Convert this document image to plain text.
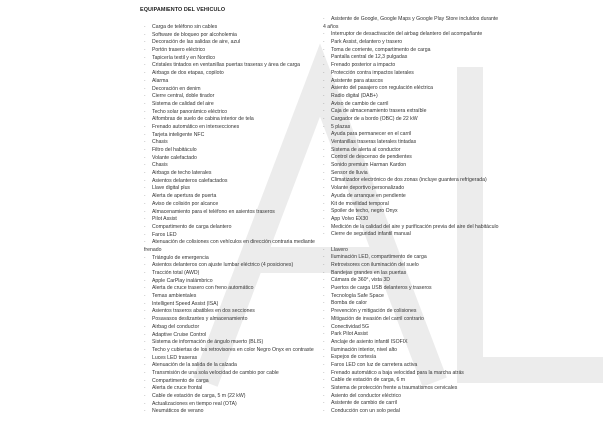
EQUIPAMIENTO DEL VEHICULO
· Carga de teléfono sin cables
· Software de bloqueo por alcoholemia
· Decoración de las salidas de aire, azul
· Portón trasero eléctrico
· Tapicería textil y en Nordico
· Cristales tintados en ventanillas puertas traseras y área de carga
· Airbags de dos etapas, copiloto
· Alarma
· Decoración en denim
· Cierre central, doble tirador
· Sistema de calidad del aire
· Techo solar panorámico eléctrico
· Alfombras de suelo de cabina interior de tela
· Frenado automático en intersecciones
· Tarjeta inteligente NFC
· Chasis
· Filtro del habitáculo
· Volante calefactado
· Chasis
· Airbags de techo laterales
· Asientos delanteros calefactados
· Llave digital plus
· Alerta de apertura de puerta
· Aviso de colisión por alcance
· Almacenamiento para el teléfono en asientos traseros
· Pilot Assist
· Compartimento de carga delantero
· Faros LED
· Atenuación de colisiones con vehículos en dirección contraria mediante
frenado
· Triángulo de emergencia
· Asientos delanteros con ajuste lumbar eléctrico (4 posiciones)
· Tracción total (AWD)
· Apple CarPlay inalámbrico
· Alerta de cruce trasero con freno automático
· Temas ambientales
· Intelligent Speed Assist (ISA)
· Asientos traseros abatibles en dos secciones
· Posavasos deslizantes y almacenamiento
· Airbag del conductor
· Adaptive Cruise Control
· Sistema de información de ángulo muerto (BLIS)
· Techo y cubiertas de los retrovisores en color Negro Onyx en contraste
· Luces LED traseras
· Atenuación de la salida de la calzada
· Transmisión de una sola velocidad de cambio por cable
· Compartimento de carga
· Alerta de cruce frontal
· Cable de estación de carga, 5 m (22 kW)
· Actualizaciones en tiempo real (OTA)
· Neumáticos de verano
· Asistente de Google, Google Maps y Google Play Store incluidos durante
4 años
· Interruptor de desactivación del airbag delantero del acompañante
· Park Assist, delantero y trasero
· Toma de corriente, compartimento de carga
· Pantalla central de 12,3 pulgadas
· Frenado posterior a impacto
· Protección contra impactos laterales
· Asistente para atascos
· Asiento del pasajero con regulación eléctrica
· Radio digital (DAB+)
· Aviso de cambio de carril
· Caja de almacenamiento trasera extraíble
· Cargador de a bordo (OBC) de 22 kW
· 5 plazas
· Ayuda para permanecer en el carril
· Ventanillas traseras laterales tintadas
· Sistema de alerta al conductor
· Control de descenso de pendientes
· Sonido premium Harman Kardon
· Sensor de lluvia
· Climatizador electrónico de dos zonas (incluye guantera refrigerada)
· Volante deportivo personalizado
· Ayuda de arranque en pendiente
· Kit de movilidad temporal
· Spoiler de techo, negro Onyx
· App Volvo EX30
· Medición de la calidad del aire y purificación previa del aire del habitáculo
· Cierre de seguridad infantil manual

· Llavero
· Iluminación LED, compartimento de carga
· Retrovisores con iluminación del suelo
· Bandejas grandes en las puertas
· Cámara de 360°, vista 3D
· Puertos de carga USB delanteros y traseros
· Tecnología Safe Space
· Bomba de calor
· Prevención y mitigación de colisiones
· Mitigación de invasión del carril contrario
· Conectividad 5G
· Park Pilot Assist
· Anclaje de asiento infantil ISOFIX
· Iluminación interior, nivel alto
· Espejos de cortesía
· Faros LED con luz de carretera activa
· Frenado automático a baja velocidad para la marcha atrás
· Cable de estación de carga, 6 m
· Sistema de protección frente a traumatismos cervicales
· Asiento del conductor eléctrico
· Asistente de cambio de carril
· Conducción con un solo pedal
